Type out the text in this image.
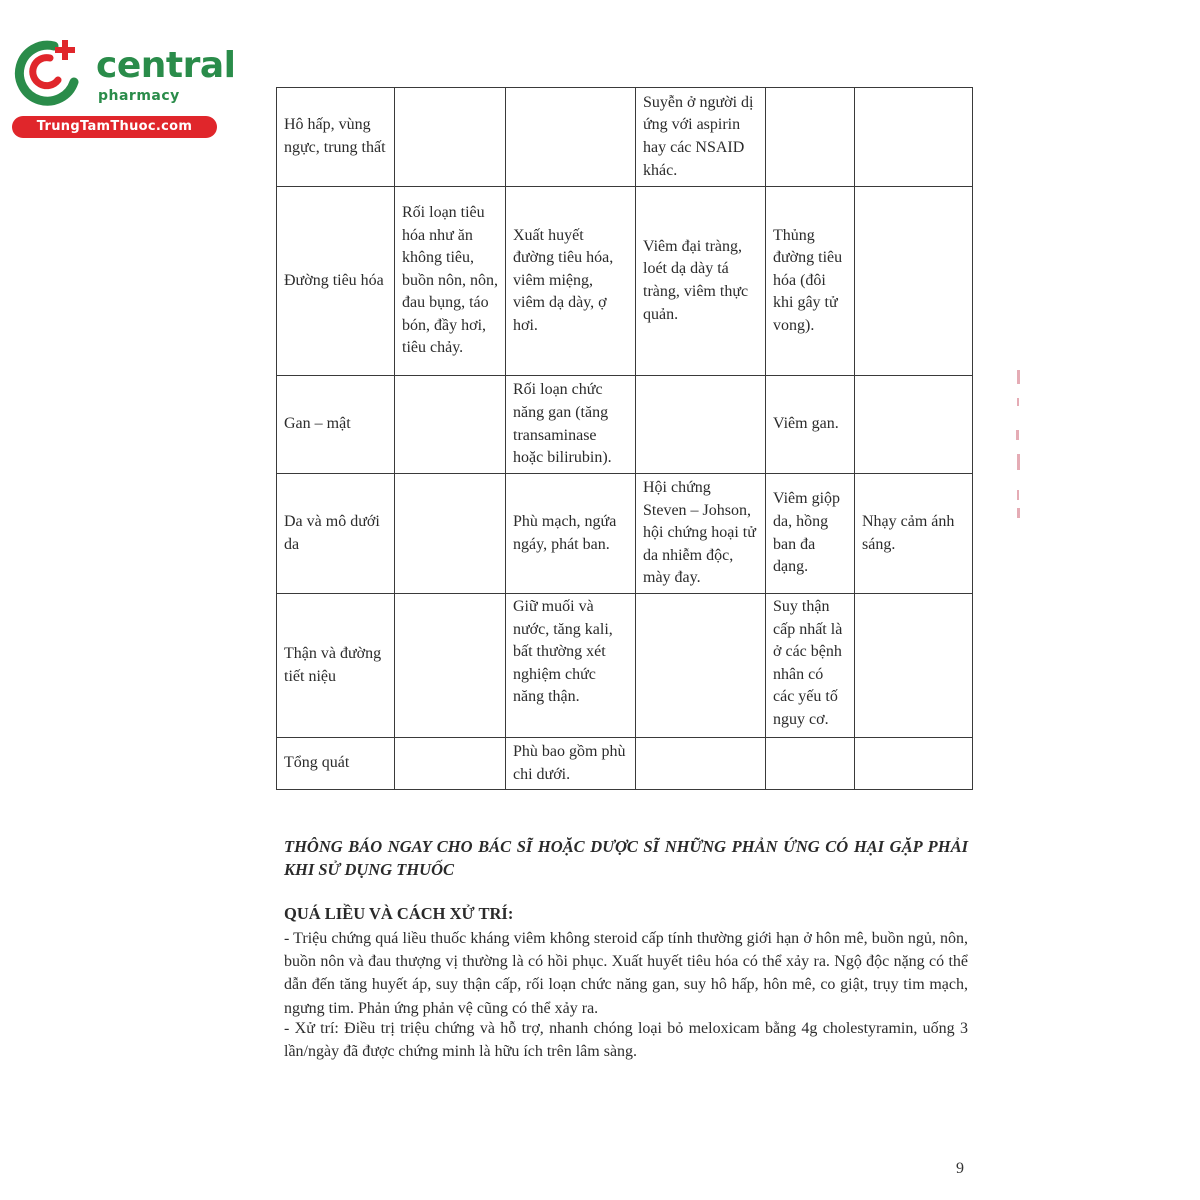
central
pharmacy
TrungTamThuoc.com	Hô hấp, vùng ngực, trung thất			Suyễn ở người dị ứng với aspirin hay các NSAID khác.		
Đường tiêu hóa	Rối loạn tiêu hóa như ăn không tiêu, buồn nôn, nôn, đau bụng, táo bón, đầy hơi, tiêu chảy.	Xuất huyết đường tiêu hóa, viêm miệng, viêm dạ dày, ợ hơi.	Viêm đại tràng, loét dạ dày tá tràng, viêm thực quản.	Thủng đường tiêu hóa (đôi khi gây tử vong).	
Gan – mật		Rối loạn chức năng gan (tăng transaminase hoặc bilirubin).		Viêm gan.	
Da và mô dưới da		Phù mạch, ngứa ngáy, phát ban.	Hội chứng Steven – Johson, hội chứng hoại tử da nhiễm độc, mày đay.	Viêm giộp da, hồng ban đa dạng.	Nhạy cảm ánh sáng.
Thận và đường tiết niệu		Giữ muối và nước, tăng kali, bất thường xét nghiệm chức năng thận.		Suy thận cấp nhất là ở các bệnh nhân có các yếu tố nguy cơ.	
Tổng quát		Phù bao gồm phù chi dưới.			
THÔNG BÁO NGAY CHO BÁC SĨ HOẶC DƯỢC SĨ NHỮNG PHẢN ỨNG CÓ HẠI GẶP PHẢI KHI SỬ DỤNG THUỐC
QUÁ LIỀU VÀ CÁCH XỬ TRÍ:
- Triệu chứng quá liều thuốc kháng viêm không steroid cấp tính thường giới hạn ở hôn mê, buồn ngủ, nôn, buồn nôn và đau thượng vị thường là có hồi phục. Xuất huyết tiêu hóa có thể xảy ra. Ngộ độc nặng có thể dẫn đến tăng huyết áp, suy thận cấp, rối loạn chức năng gan, suy hô hấp, hôn mê, co giật, trụy tim mạch, ngưng tim. Phản ứng phản vệ cũng có thể xảy ra.
- Xử trí: Điều trị triệu chứng và hỗ trợ, nhanh chóng loại bỏ meloxicam bằng 4g cholestyramin, uống 3 lần/ngày đã được chứng minh là hữu ích trên lâm sàng.
9
